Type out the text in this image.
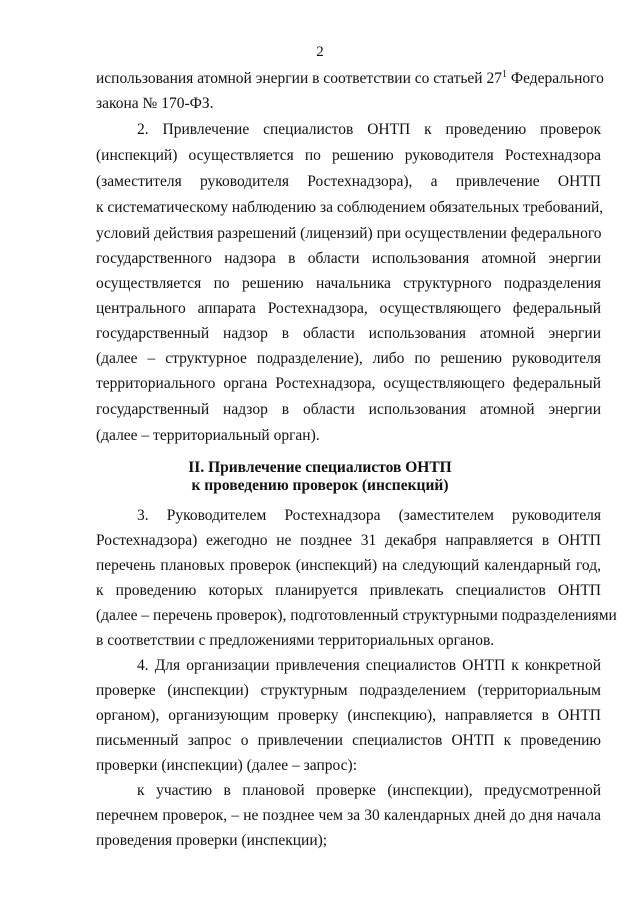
2
использования атомной энергии в соответствии со статьей $27^1$ Федерального
закона № 170-ФЗ.
2. Привлечение специалистов ОНТП к проведению проверок
(инспекций) осуществляется по решению руководителя Ростехнадзора
(заместителя руководителя Ростехнадзора), а привлечение ОНТП
к систематическому наблюдению за соблюдением обязательных требований,
условий действия разрешений (лицензий) при осуществлении федерального
государственного надзора в области использования атомной энергии
осуществляется по решению начальника структурного подразделения
центрального аппарата Ростехнадзора, осуществляющего федеральный
государственный надзор в области использования атомной энергии
(далее – структурное подразделение), либо по решению руководителя
территориального органа Ростехнадзора, осуществляющего федеральный
государственный надзор в области использования атомной энергии
(далее – территориальный орган).
II. Привлечение специалистов ОНТП
к проведению проверок (инспекций)
3. Руководителем Ростехнадзора (заместителем руководителя
Ростехнадзора) ежегодно не позднее 31 декабря направляется в ОНТП
перечень плановых проверок (инспекций) на следующий календарный год,
к проведению которых планируется привлекать специалистов ОНТП
(далее – перечень проверок), подготовленный структурными подразделениями
в соответствии с предложениями территориальных органов.
4. Для организации привлечения специалистов ОНТП к конкретной
проверке (инспекции) структурным подразделением (территориальным
органом), организующим проверку (инспекцию), направляется в ОНТП
письменный запрос о привлечении специалистов ОНТП к проведению
проверки (инспекции) (далее – запрос):
к участию в плановой проверке (инспекции), предусмотренной
перечнем проверок, – не позднее чем за 30 календарных дней до дня начала
проведения проверки (инспекции);
